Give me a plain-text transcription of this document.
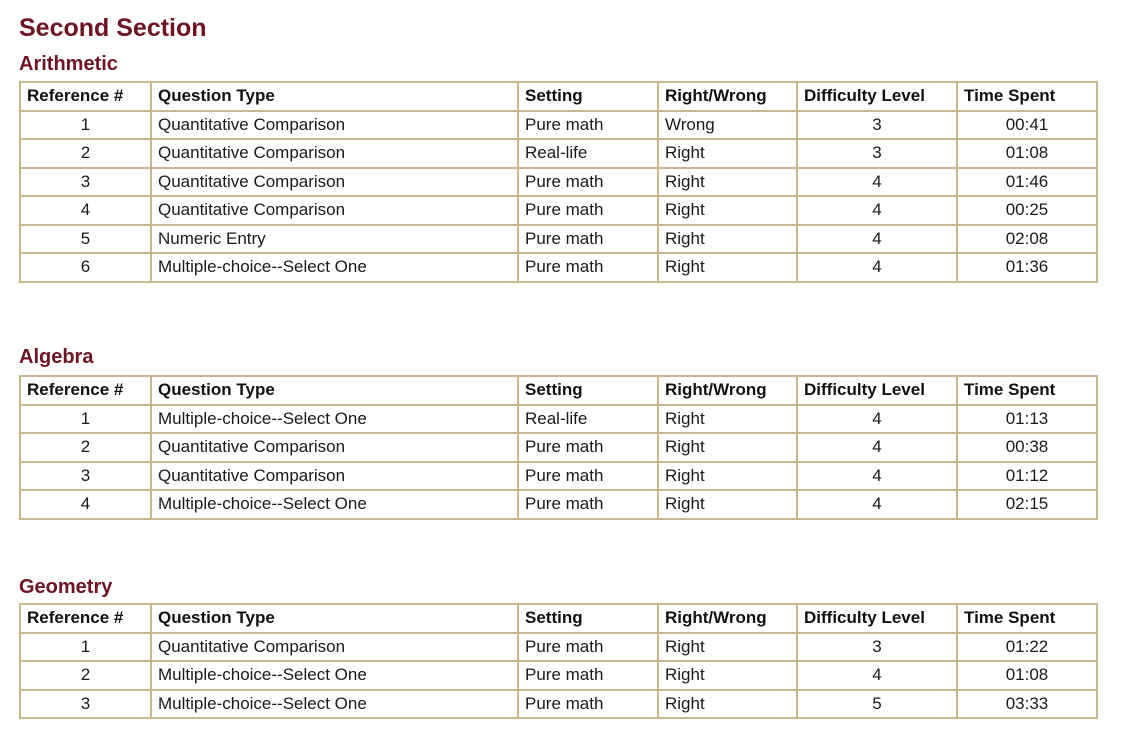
Second Section
Arithmetic
Reference #	Question Type	Setting	Right/Wrong	Difficulty Level	Time Spent
1	Quantitative Comparison	Pure math	Wrong	3	00:41
2	Quantitative Comparison	Real-life	Right	3	01:08
3	Quantitative Comparison	Pure math	Right	4	01:46
4	Quantitative Comparison	Pure math	Right	4	00:25
5	Numeric Entry	Pure math	Right	4	02:08
6	Multiple-choice--Select One	Pure math	Right	4	01:36
Algebra
Reference #	Question Type	Setting	Right/Wrong	Difficulty Level	Time Spent
1	Multiple-choice--Select One	Real-life	Right	4	01:13
2	Quantitative Comparison	Pure math	Right	4	00:38
3	Quantitative Comparison	Pure math	Right	4	01:12
4	Multiple-choice--Select One	Pure math	Right	4	02:15
Geometry
Reference #	Question Type	Setting	Right/Wrong	Difficulty Level	Time Spent
1	Quantitative Comparison	Pure math	Right	3	01:22
2	Multiple-choice--Select One	Pure math	Right	4	01:08
3	Multiple-choice--Select One	Pure math	Right	5	03:33
